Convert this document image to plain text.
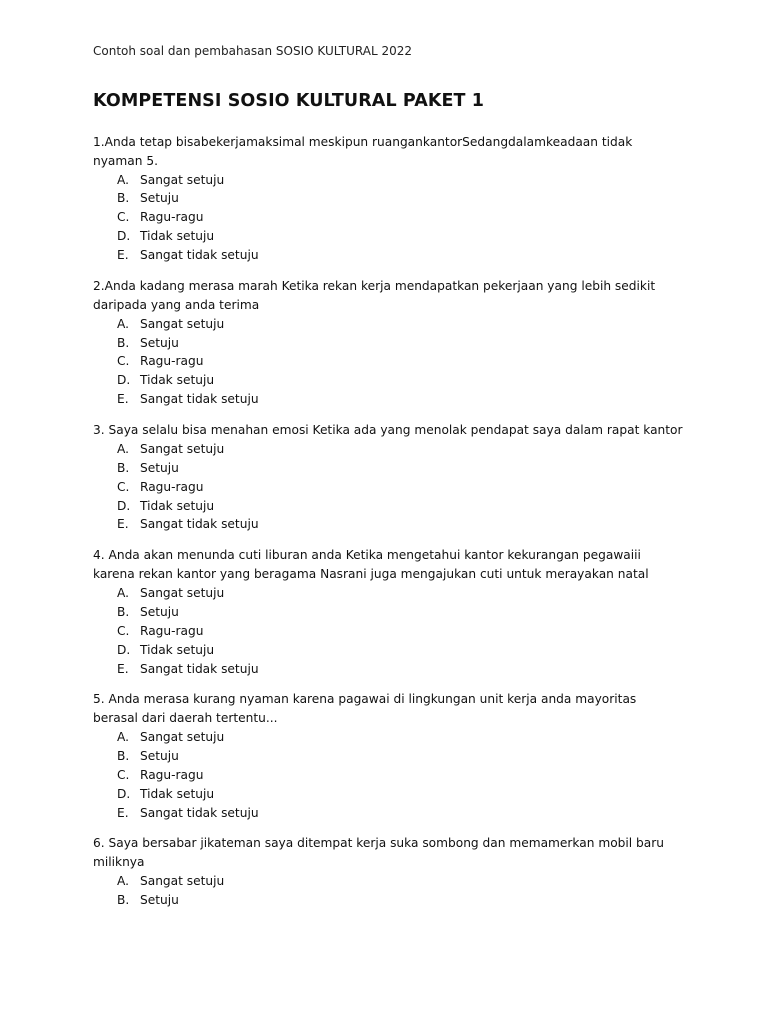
Contoh soal dan pembahasan SOSIO KULTURAL 2022
KOMPETENSI SOSIO KULTURAL PAKET 1

1.Anda tetap bisabekerjamaksimal meskipun ruangankantorSedangdalamkeadaan tidak nyaman 5.

A. Sangat setuju
B. Setuju
C. Ragu-ragu
D. Tidak setuju
E. Sangat tidak setuju

2.Anda kadang merasa marah Ketika rekan kerja mendapatkan pekerjaan yang lebih sedikit daripada yang anda terima

A. Sangat setuju
B. Setuju
C. Ragu-ragu
D. Tidak setuju
E. Sangat tidak setuju

3. Saya selalu bisa menahan emosi Ketika ada yang menolak pendapat saya dalam rapat kantor

A. Sangat setuju
B. Setuju
C. Ragu-ragu
D. Tidak setuju
E. Sangat tidak setuju

4. Anda akan menunda cuti liburan anda Ketika mengetahui kantor kekurangan pegawaiii karena rekan kantor yang beragama Nasrani juga mengajukan cuti untuk merayakan natal

A. Sangat setuju
B. Setuju
C. Ragu-ragu
D. Tidak setuju
E. Sangat tidak setuju

5. Anda merasa kurang nyaman karena pagawai di lingkungan unit kerja anda mayoritas berasal dari daerah tertentu...

A. Sangat setuju
B. Setuju
C. Ragu-ragu
D. Tidak setuju
E. Sangat tidak setuju

6. Saya bersabar jikateman saya ditempat kerja suka sombong dan memamerkan mobil baru miliknya

A. Sangat setuju
B. Setuju
